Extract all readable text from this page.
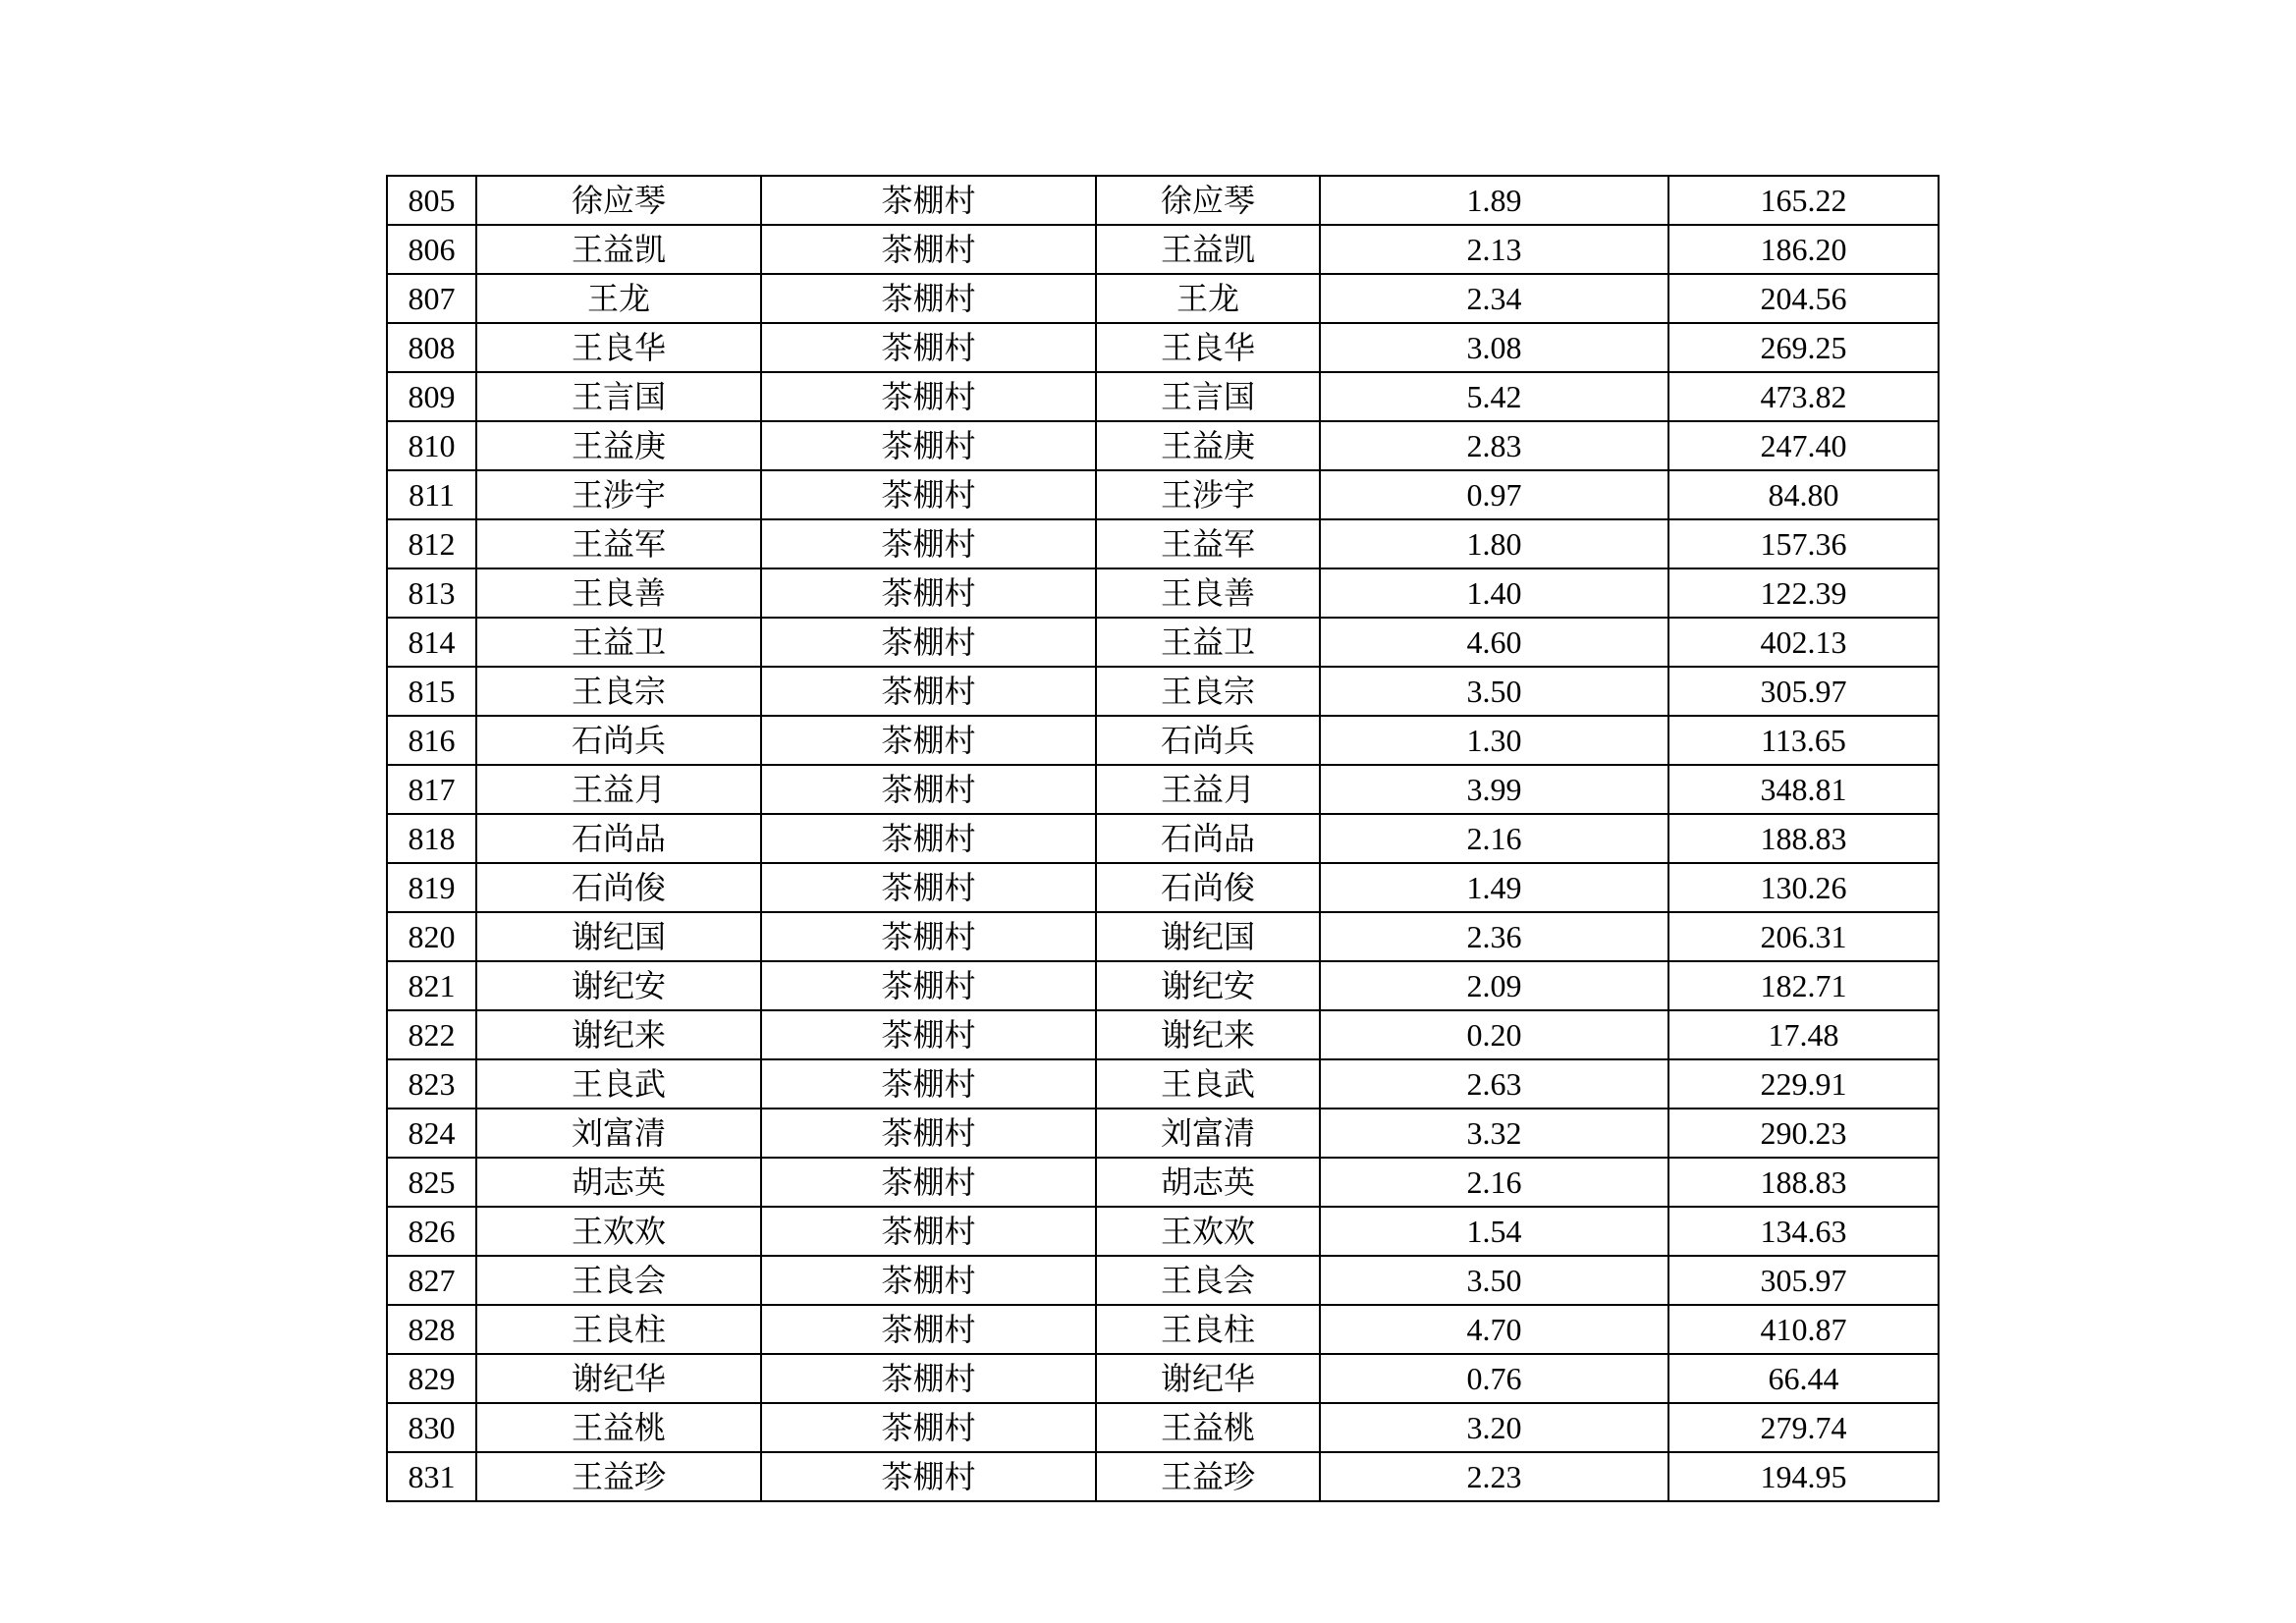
805	徐应琴	茶棚村	徐应琴	1.89	165.22
806	王益凯	茶棚村	王益凯	2.13	186.20
807	王龙	茶棚村	王龙	2.34	204.56
808	王良华	茶棚村	王良华	3.08	269.25
809	王言国	茶棚村	王言国	5.42	473.82
810	王益庚	茶棚村	王益庚	2.83	247.40
811	王涉宇	茶棚村	王涉宇	0.97	84.80
812	王益军	茶棚村	王益军	1.80	157.36
813	王良善	茶棚村	王良善	1.40	122.39
814	王益卫	茶棚村	王益卫	4.60	402.13
815	王良宗	茶棚村	王良宗	3.50	305.97
816	石尚兵	茶棚村	石尚兵	1.30	113.65
817	王益月	茶棚村	王益月	3.99	348.81
818	石尚品	茶棚村	石尚品	2.16	188.83
819	石尚俊	茶棚村	石尚俊	1.49	130.26
820	谢纪国	茶棚村	谢纪国	2.36	206.31
821	谢纪安	茶棚村	谢纪安	2.09	182.71
822	谢纪来	茶棚村	谢纪来	0.20	17.48
823	王良武	茶棚村	王良武	2.63	229.91
824	刘富清	茶棚村	刘富清	3.32	290.23
825	胡志英	茶棚村	胡志英	2.16	188.83
826	王欢欢	茶棚村	王欢欢	1.54	134.63
827	王良会	茶棚村	王良会	3.50	305.97
828	王良柱	茶棚村	王良柱	4.70	410.87
829	谢纪华	茶棚村	谢纪华	0.76	66.44
830	王益桃	茶棚村	王益桃	3.20	279.74
831	王益珍	茶棚村	王益珍	2.23	194.95
